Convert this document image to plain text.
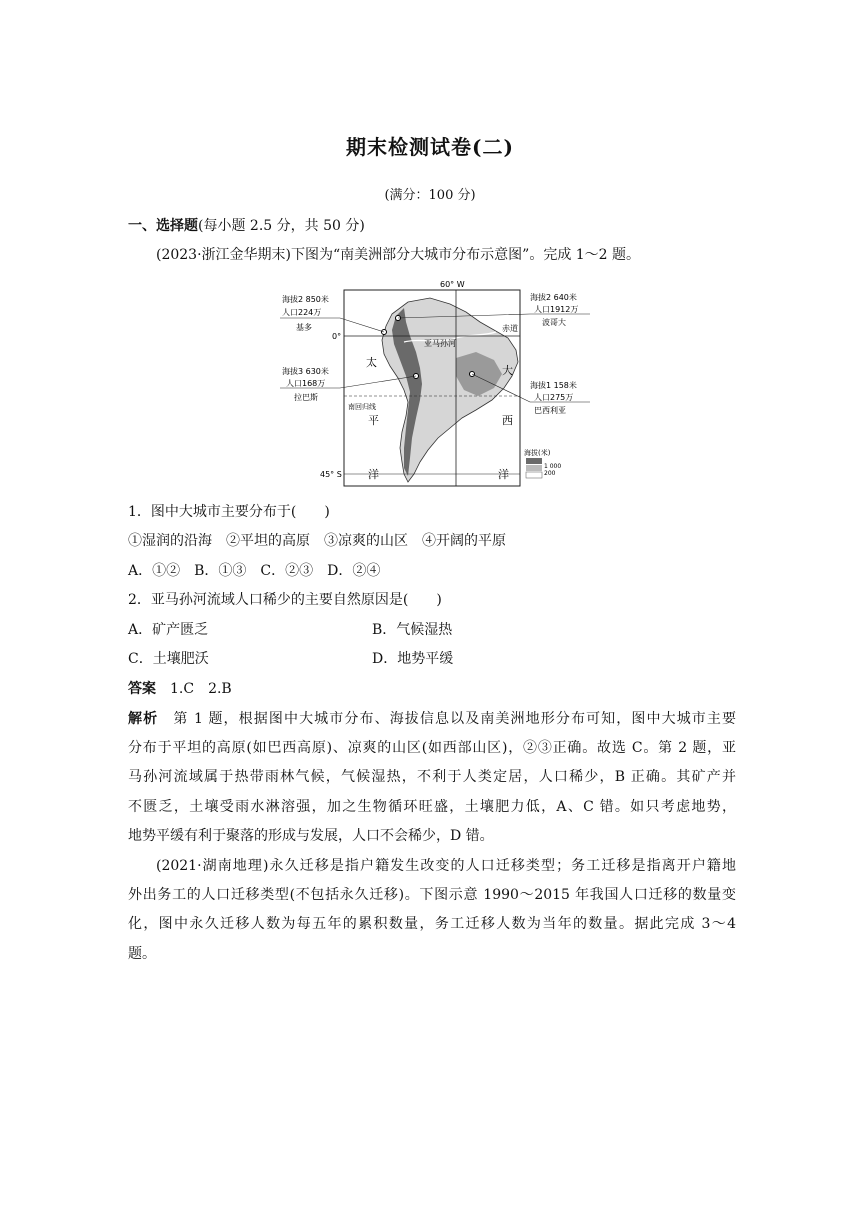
期末检测试卷(二)
(满分：100 分)
一、选择题(每小题 2.5 分，共 50 分)
(2023·浙江金华期末)下图为“南美洲部分大城市分布示意图”。完成 1～2 题。
60° W
0°
赤道
南回归线
45° S
亚马孙河
太
平
洋
大
西
洋
海拔(米)
1 000
200
海拔2 850米
人口224万
基多
海拔2 640米
人口1912万
波哥大
海拔3 630米
人口168万
拉巴斯
海拔1 158米
人口275万
巴西利亚
1．图中大城市主要分布于(　　)
①湿润的沿海　②平坦的高原　③凉爽的山区　④开阔的平原
A．①②　B．①③　C．②③　D．②④
2．亚马孙河流域人口稀少的主要自然原因是(　　)
A．矿产匮乏	B．气候湿热
C．土壤肥沃	D．地势平缓
答案　 1.C　2.B
解析　 第 1 题，根据图中大城市分布、海拔信息以及南美洲地形分布可知，图中大城市主要
分布于平坦的高原(如巴西高原)、凉爽的山区(如西部山区)，②③正确。故选 C。第 2 题，亚
马孙河流域属于热带雨林气候，气候湿热，不利于人类定居，人口稀少，B 正确。其矿产并
不匮乏，土壤受雨水淋溶强，加之生物循环旺盛，土壤肥力低，A、C 错。如只考虑地势，
地势平缓有利于聚落的形成与发展，人口不会稀少，D 错。
(2021·湖南地理)永久迁移是指户籍发生改变的人口迁移类型；务工迁移是指离开户籍地
外出务工的人口迁移类型(不包括永久迁移)。下图示意 1990～2015 年我国人口迁移的数量变
化，图中永久迁移人数为每五年的累积数量，务工迁移人数为当年的数量。据此完成 3～4
题。
